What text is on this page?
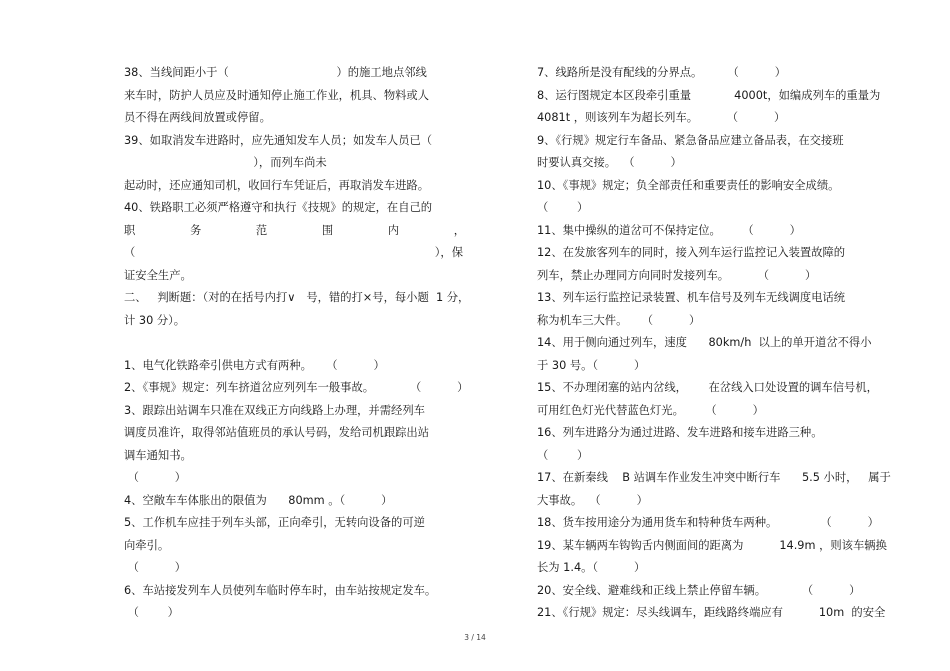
38、当线间距小于（                              ）的施工地点邻线
来车时，防护人员应及时通知停止施工作业，机具、物料或人
员不得在两线间放置或停留。
39、如取消发车进路时，应先通知发车人员；如发车人员已（
），而列车尚未
起动时，还应通知司机，收回行车凭证后，再取消发车进路。
40、铁路职工必须严格遵守和执行《技规》的规定，在自己的
职	务	范	围	内	，
（	），保
证安全生产。
二、   判断题：（对的在括号内打∨   号，错的打×号，每小题  1 分，
计 30 分）。
1、电气化铁路牵引供电方式有两种。    （          ）
2、《事规》规定：列车挤道岔应列列车一般事故。          （          ）
3、跟踪出站调车只准在双线正方向线路上办理，并需经列车
调度员准许，取得邻站值班员的承认号码，发给司机跟踪出站
调车通知书。
（          ）
4、空敞车车体胀出的限值为      80mm 。（          ）
5、工作机车应挂于列车头部，正向牵引，无转向设备的可逆
向牵引。
（          ）
6、车站接发列车人员使列车临时停车时，由车站按规定发车。
（        ）
7、线路所是没有配线的分界点。       （          ）
8、运行图规定本区段牵引重量            4000t，如编成列车的重量为
4081t ，则该列车为超长列车。        （          ）
9、《行规》规定行车备品、紧急备品应建立备品表，在交接班
时要认真交接。  （          ）
10、《事规》规定；负全部责任和重要责任的影响安全成绩。
（        ）
11、集中操纵的道岔可不保持定位。      （          ）
12、在发旅客列车的同时，接入列车运行监控记入装置故障的
列车，禁止办理同方向同时发接列车。        （          ）
13、列车运行监控记录装置、机车信号及列车无线调度电话统
称为机车三大件。    （          ）
14、用于侧向通过列车，速度      80km/h  以上的单开道岔不得小
于 30 号。（          ）
15、不办理闭塞的站内岔线，      在岔线入口处设置的调车信号机，
可用红色灯光代替蓝色灯光。      （          ）
16、列车进路分为通过进路、发车进路和接车进路三种。
（        ）
17、在新秦线    B 站调车作业发生冲突中断行车      5.5 小时，   属于
大事故。  （          ）
18、货车按用途分为通用货车和特种货车两种。            （          ）
19、某车辆两车钩钩舌内侧面间的距离为          14.9m ，则该车辆换
长为 1.4。（          ）
20、安全线、避难线和正线上禁止停留车辆。          （          ）
21、《行规》规定：尽头线调车，距线路终端应有          10m  的安全
3 / 14
